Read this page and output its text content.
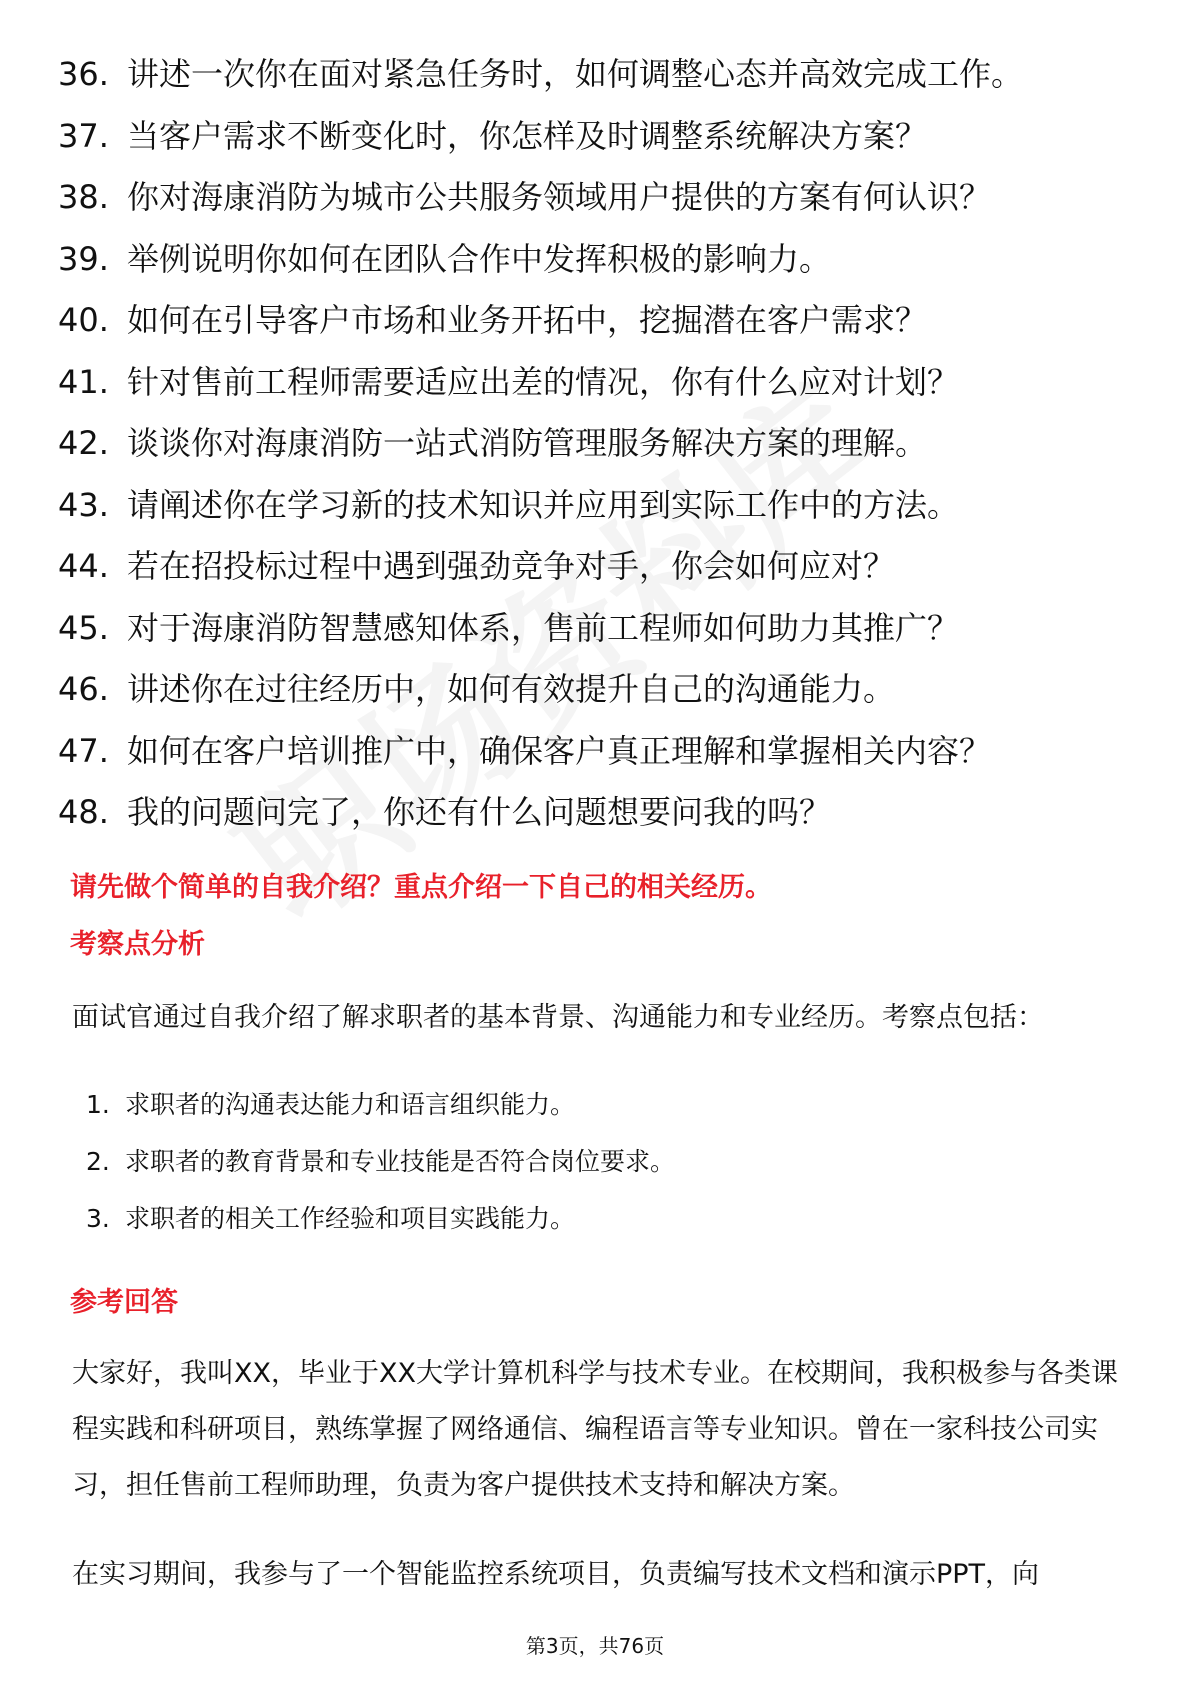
36. 讲述一次你在面对紧急任务时，如何调整心态并高效完成工作。
37. 当客户需求不断变化时，你怎样及时调整系统解决方案？
38. 你对海康消防为城市公共服务领域用户提供的方案有何认识？
39. 举例说明你如何在团队合作中发挥积极的影响力。
40. 如何在引导客户市场和业务开拓中，挖掘潜在客户需求？
41. 针对售前工程师需要适应出差的情况，你有什么应对计划？
42. 谈谈你对海康消防一站式消防管理服务解决方案的理解。
43. 请阐述你在学习新的技术知识并应用到实际工作中的方法。
44. 若在招投标过程中遇到强劲竞争对手，你会如何应对？
45. 对于海康消防智慧感知体系，售前工程师如何助力其推广？
46. 讲述你在过往经历中，如何有效提升自己的沟通能力。
47. 如何在客户培训推广中，确保客户真正理解和掌握相关内容？
48. 我的问题问完了，你还有什么问题想要问我的吗？
请先做个简单的自我介绍？重点介绍一下自己的相关经历。
考察点分析
面试官通过自我介绍了解求职者的基本背景、沟通能力和专业经历。考察点包括：
1. 求职者的沟通表达能力和语言组织能力。
2. 求职者的教育背景和专业技能是否符合岗位要求。
3. 求职者的相关工作经验和项目实践能力。
参考回答
大家好，我叫XX，毕业于XX大学计算机科学与技术专业。在校期间，我积极参与各类课程实践和科研项目，熟练掌握了网络通信、编程语言等专业知识。曾在一家科技公司实习，担任售前工程师助理，负责为客户提供技术支持和解决方案。
在实习期间，我参与了一个智能监控系统项目，负责编写技术文档和演示PPT，向
第3页，共76页
